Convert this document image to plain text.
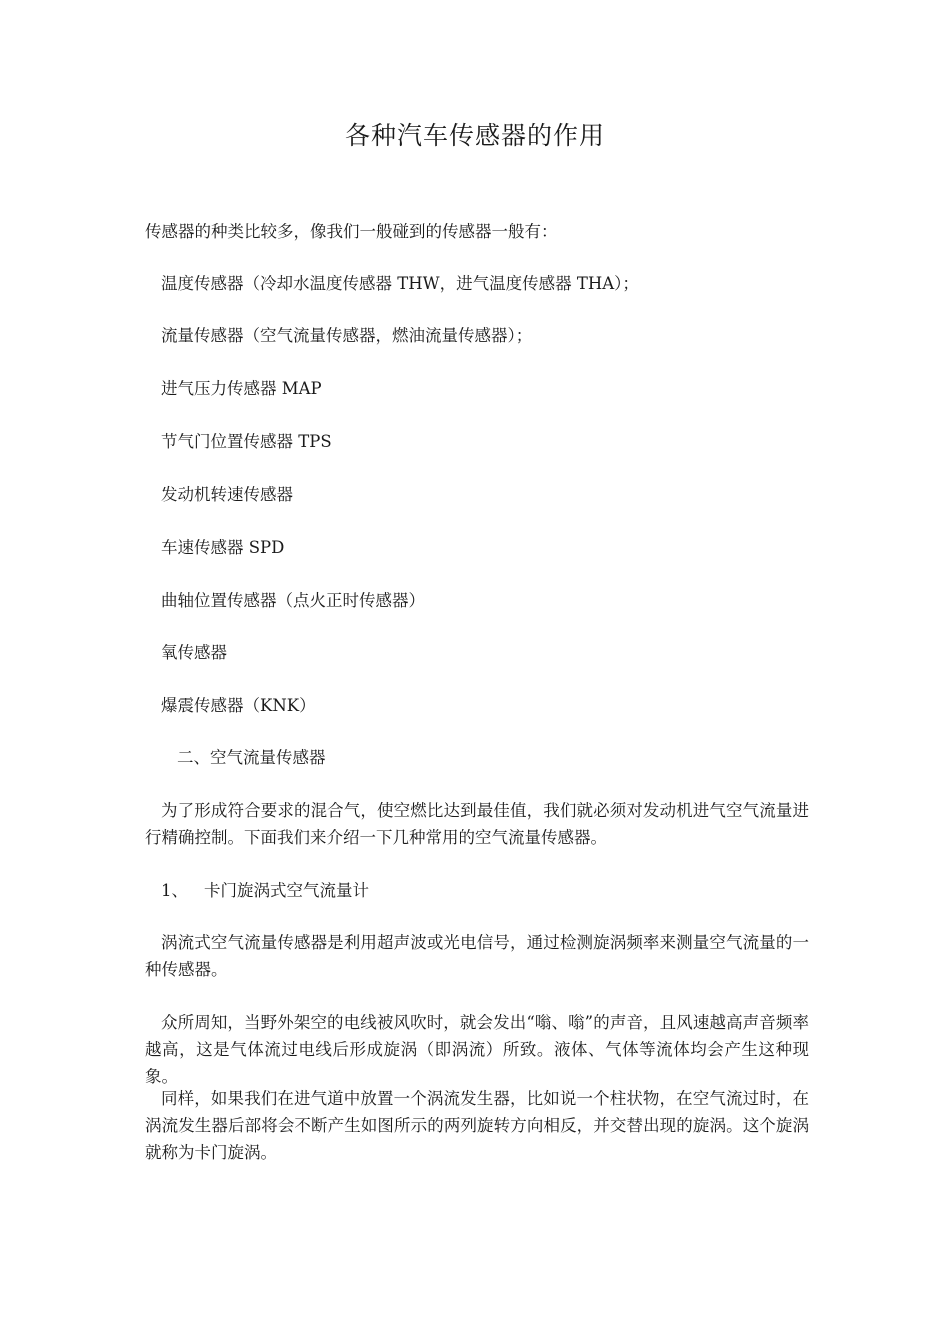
各种汽车传感器的作用
传感器的种类比较多，像我们一般碰到的传感器一般有：
温度传感器（冷却水温度传感器 THW，进气温度传感器 THA）；
流量传感器（空气流量传感器，燃油流量传感器）；
进气压力传感器 MAP
节气门位置传感器 TPS
发动机转速传感器
车速传感器 SPD
曲轴位置传感器（点火正时传感器）
氧传感器
爆震传感器（KNK）
二、空气流量传感器
为了形成符合要求的混合气，使空燃比达到最佳值，我们就必须对发动机进气空气流量进行精确控制。下面我们来介绍一下几种常用的空气流量传感器。
1、 卡门旋涡式空气流量计
涡流式空气流量传感器是利用超声波或光电信号，通过检测旋涡频率来测量空气流量的一种传感器。
众所周知，当野外架空的电线被风吹时，就会发出“嗡、嗡”的声音，且风速越高声音频率越高，这是气体流过电线后形成旋涡（即涡流）所致。液体、气体等流体均会产生这种现象。
同样，如果我们在进气道中放置一个涡流发生器，比如说一个柱状物，在空气流过时，在涡流发生器后部将会不断产生如图所示的两列旋转方向相反，并交替出现的旋涡。这个旋涡就称为卡门旋涡。
